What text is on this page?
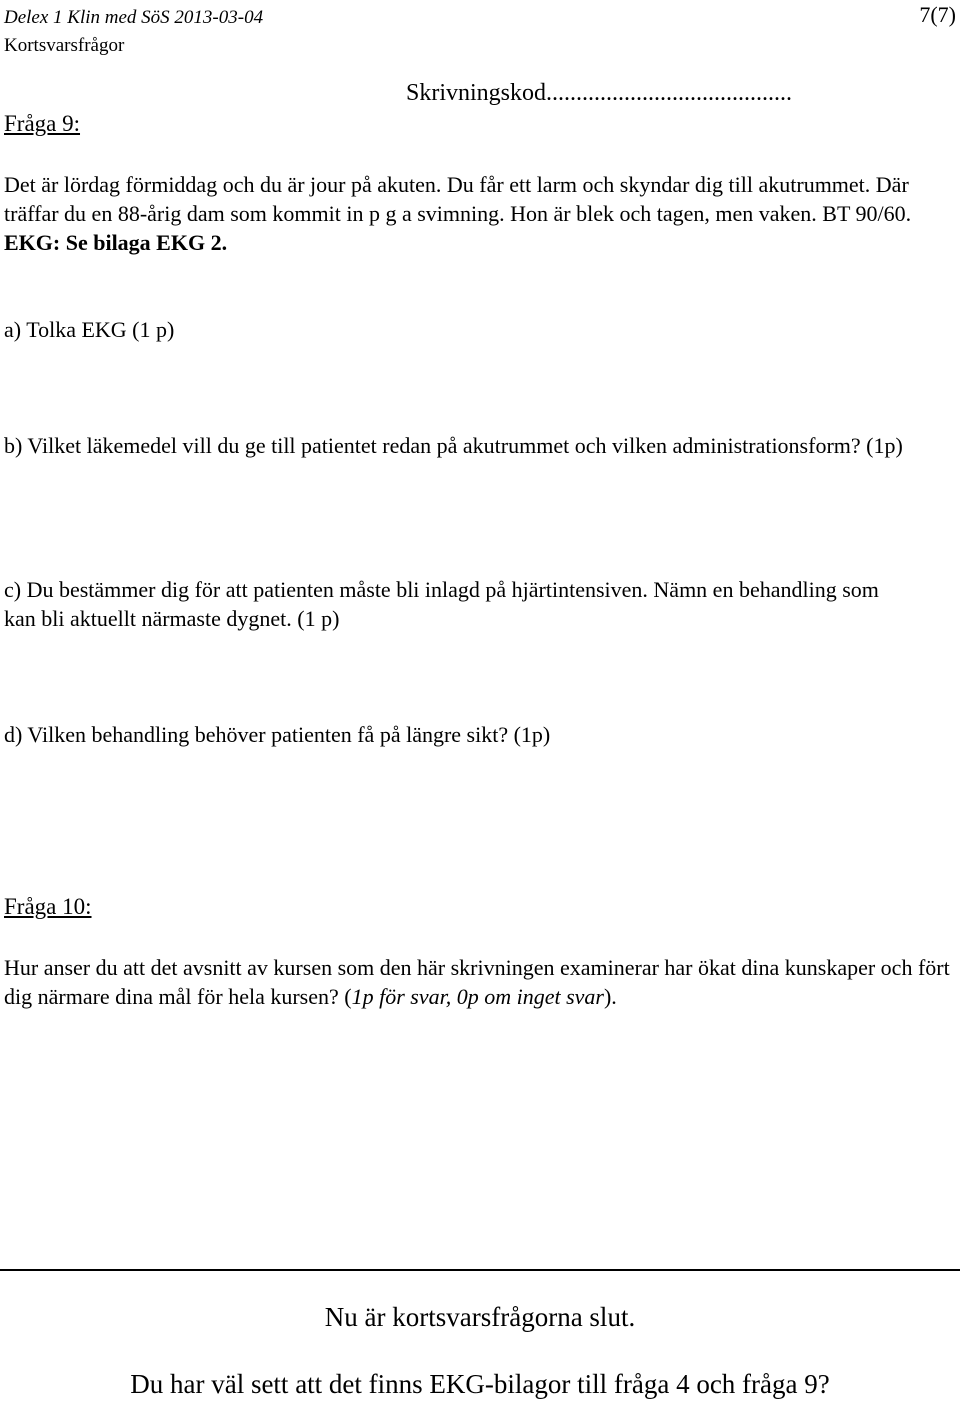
Delex 1 Klin med SöS 2013-03-04
Kortsvarsfrågor
7(7)
Skrivningskod.........................................
Fråga 9:
Det är lördag förmiddag och du är jour på akuten. Du får ett larm och skyndar dig till akutrummet. Där träffar du en 88-årig dam som kommit in p g a svimning. Hon är blek och tagen, men vaken. BT 90/60.
EKG: Se bilaga EKG 2.
a) Tolka EKG (1 p)
b) Vilket läkemedel vill du ge till patientet redan på akutrummet och vilken administrationsform? (1p)
c) Du bestämmer dig för att patienten måste bli inlagd på hjärtintensiven. Nämn en behandling som kan bli aktuellt närmaste dygnet. (1 p)
d) Vilken behandling behöver patienten få på längre sikt? (1p)
Fråga 10:
Hur anser du att det avsnitt av kursen som den här skrivningen examinerar har ökat dina kunskaper och fört dig närmare dina mål för hela kursen? (1p för svar, 0p om inget svar).
Nu är kortsvarsfrågorna slut.
Du har väl sett att det finns EKG-bilagor till fråga 4 och fråga 9?
